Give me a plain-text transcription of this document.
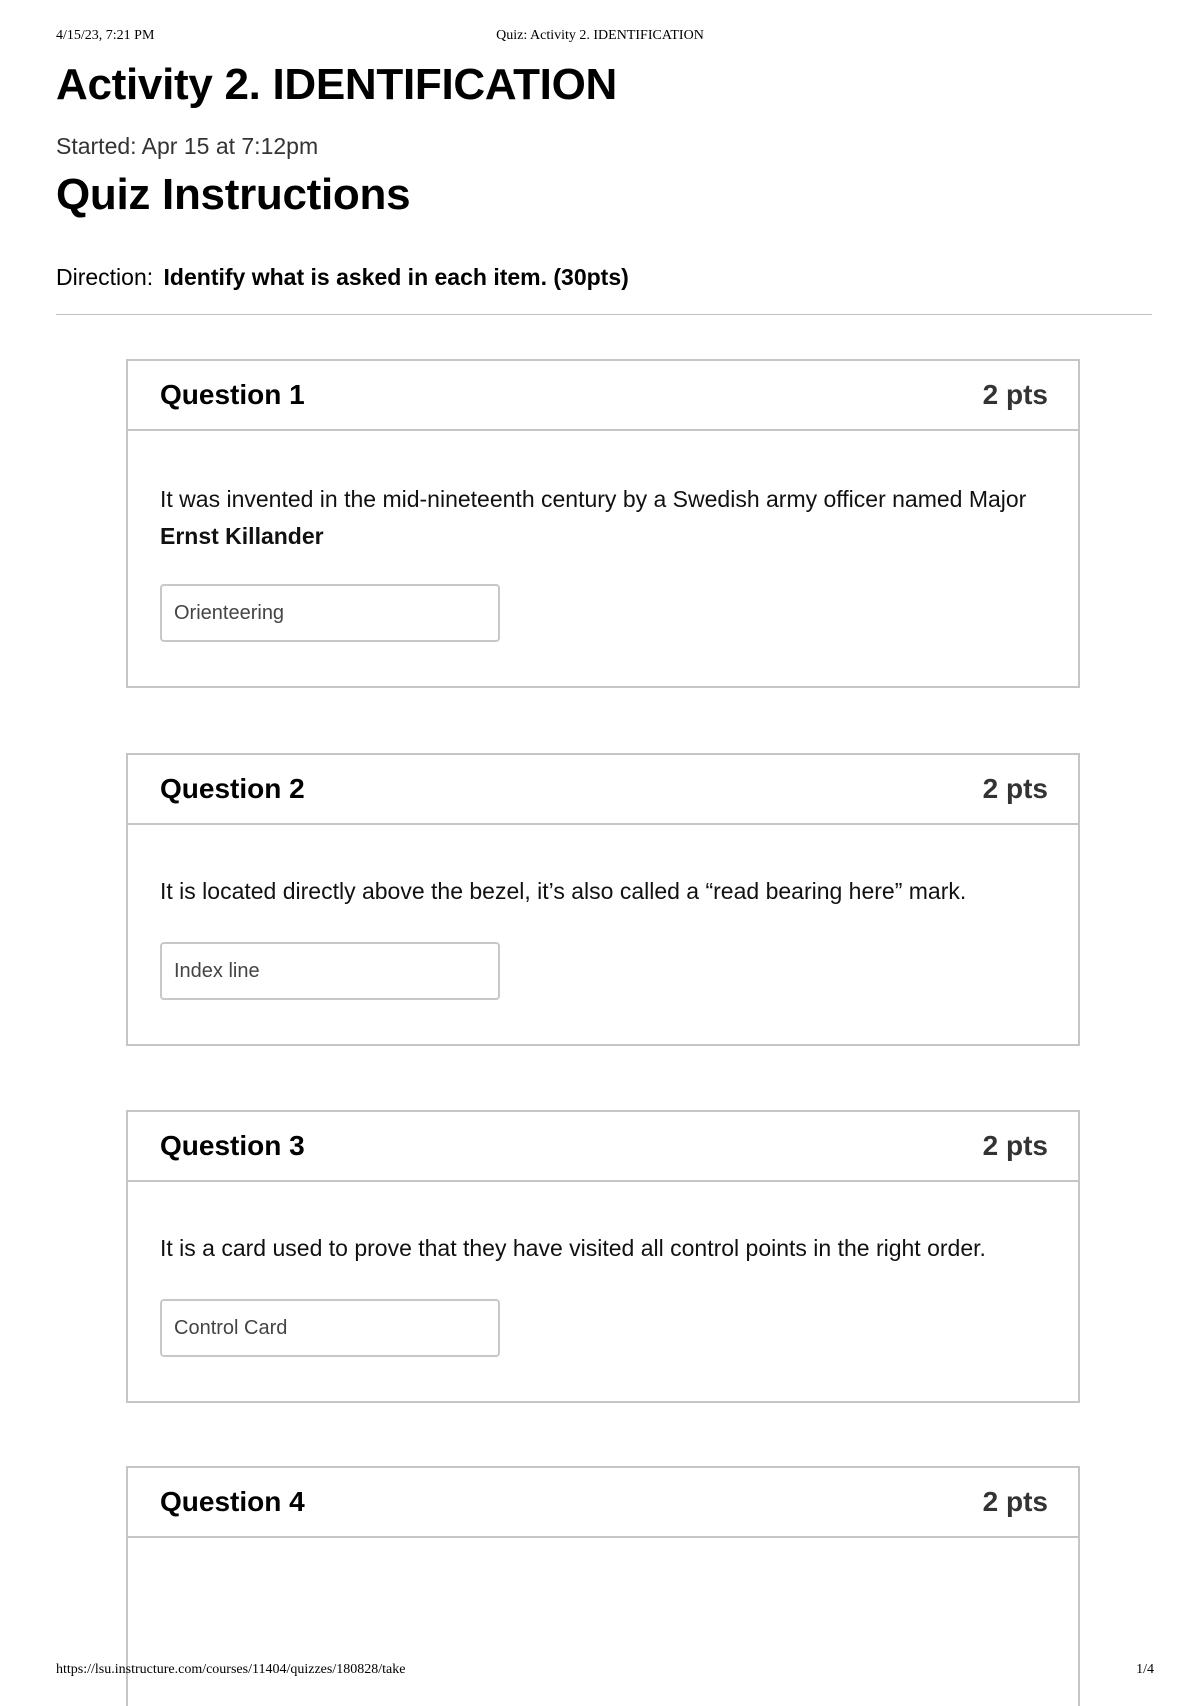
4/15/23, 7:21 PM	Quiz: Activity 2. IDENTIFICATION
Activity 2. IDENTIFICATION
Started: Apr 15 at 7:12pm
Quiz Instructions
Direction: Identify what is asked in each item. (30pts)
Question 1	2 pts

It was invented in the mid-nineteenth century by a Swedish army officer named Major Ernst Killander

Orienteering
Question 2	2 pts

It is located directly above the bezel, it’s also called a “read bearing here” mark.

Index line
Question 3	2 pts

It is a card used to prove that they have visited all control points in the right order.

Control Card
Question 4	2 pts
https://lsu.instructure.com/courses/11404/quizzes/180828/take	1/4
